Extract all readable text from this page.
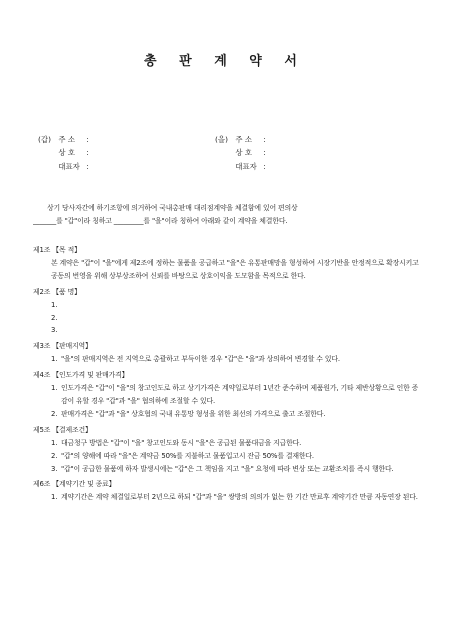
총 판 계 약 서
(갑) 주 소 :
상 호 :
대표자 :
(을) 주 소 :
상 호 :
대표자 :

상기 당사자간에 하기조항에 의거하여 국내총판매 대리점계약을 체결함에 있어 편의상

_______를 "갑"이라 칭하고 _________를 "을"이라 칭하여 아래와 같이 계약을 체결한다.

제1조 【목 적】

본 계약은 "갑"이 "을"에게 제2조에 정하는 물품을 공급하고 "을"은 유통판매망을 형성하여 시장기반을 안정적으로 확장시키고 공동의 번영을 위해 상부상조하여 신뢰를 바탕으로 상호이익을 도모함을 목적으로 한다.

제2조 【품 명】
1.
2.
3.
제3조 【판매지역】
1. "을"의 판매지역은 전 지역으로 총괄하고 부득이한 경우 "갑"은 "을"과 상의하여 변경할 수 있다.
제4조 【인도가격 및 판매가격】
1. 인도가격은 "갑"이 "을"의 창고인도로 하고 상기가격은 계약일로부터 1년간 준수하며 제품원가, 기타 제반상황으로 인한 증감이 유할 경우 "갑"과 "을" 협의하에 조절할 수 있다.
2. 판매가격은 "갑"과 "을" 상호협의 국내 유통망 형성을 위한 최선의 가격으로 출고 조절한다.
제5조 【결제조건】
1. 대금청구 방법은 "갑"이 "을" 창고인도와 동시 "을"은 공급된 물품대금을 지급한다.
2. "갑"의 양해에 따라 "을"은 계약금 50%를 지불하고 물품입고시 잔금 50%를 결재한다.
3. "갑"이 공급한 물품에 하자 발생시에는 "갑"은 그 책임을 지고 "을" 요청에 따라 변상 또는 교환조치를 즉시 행한다.
제6조 【계약기간 및 종료】
1. 계약기간은 계약 체결일로부터 2년으로 하되 "갑"과 "을" 쌍방의 의의가 없는 한 기간 만료후 계약기간 만큼 자동연장 된다.
